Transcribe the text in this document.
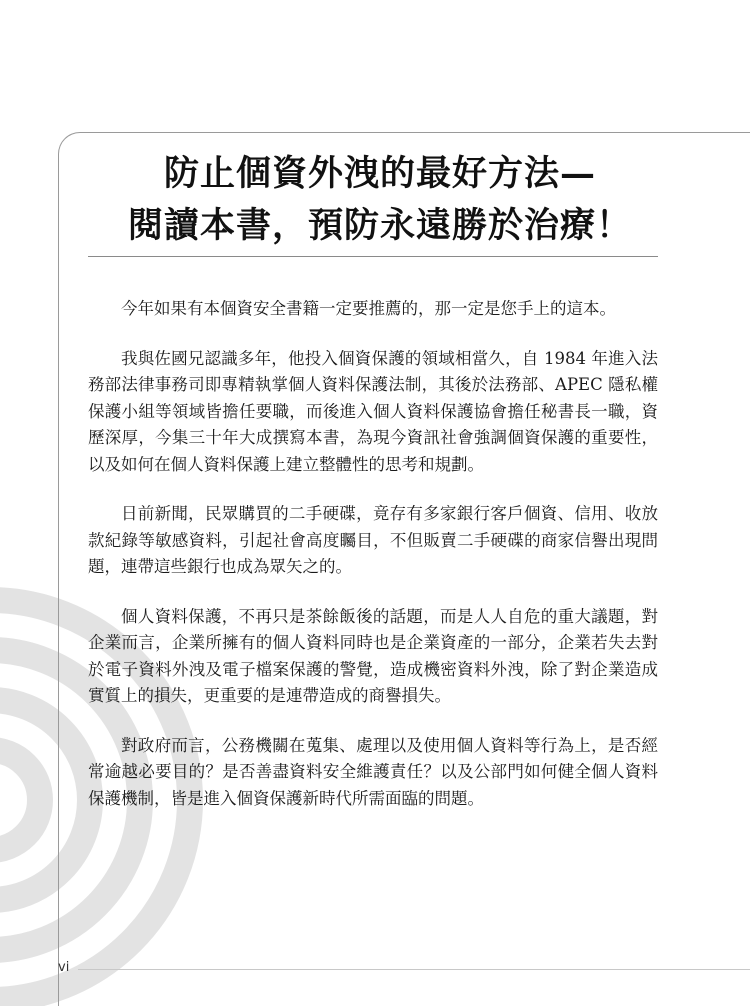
防止個資外洩的最好方法—
閱讀本書，預防永遠勝於治療！

今年如果有本個資安全書籍一定要推薦的，那一定是您手上的這本。

我與佐國兄認識多年，他投入個資保護的領域相當久，自 1984 年進入法務部法律事務司即專精執掌個人資料保護法制，其後於法務部、APEC 隱私權保護小組等領域皆擔任要職，而後進入個人資料保護協會擔任秘書長一職，資歷深厚，今集三十年大成撰寫本書，為現今資訊社會強調個資保護的重要性，以及如何在個人資料保護上建立整體性的思考和規劃。

日前新聞，民眾購買的二手硬碟，竟存有多家銀行客戶個資、信用、收放款紀錄等敏感資料，引起社會高度矚目，不但販賣二手硬碟的商家信譽出現問題，連帶這些銀行也成為眾矢之的。

個人資料保護，不再只是茶餘飯後的話題，而是人人自危的重大議題，對企業而言，企業所擁有的個人資料同時也是企業資產的一部分，企業若失去對於電子資料外洩及電子檔案保護的警覺，造成機密資料外洩，除了對企業造成實質上的損失，更重要的是連帶造成的商譽損失。

對政府而言，公務機關在蒐集、處理以及使用個人資料等行為上，是否經常逾越必要目的？是否善盡資料安全維護責任？以及公部門如何健全個人資料保護機制，皆是進入個資保護新時代所需面臨的問題。

vi
